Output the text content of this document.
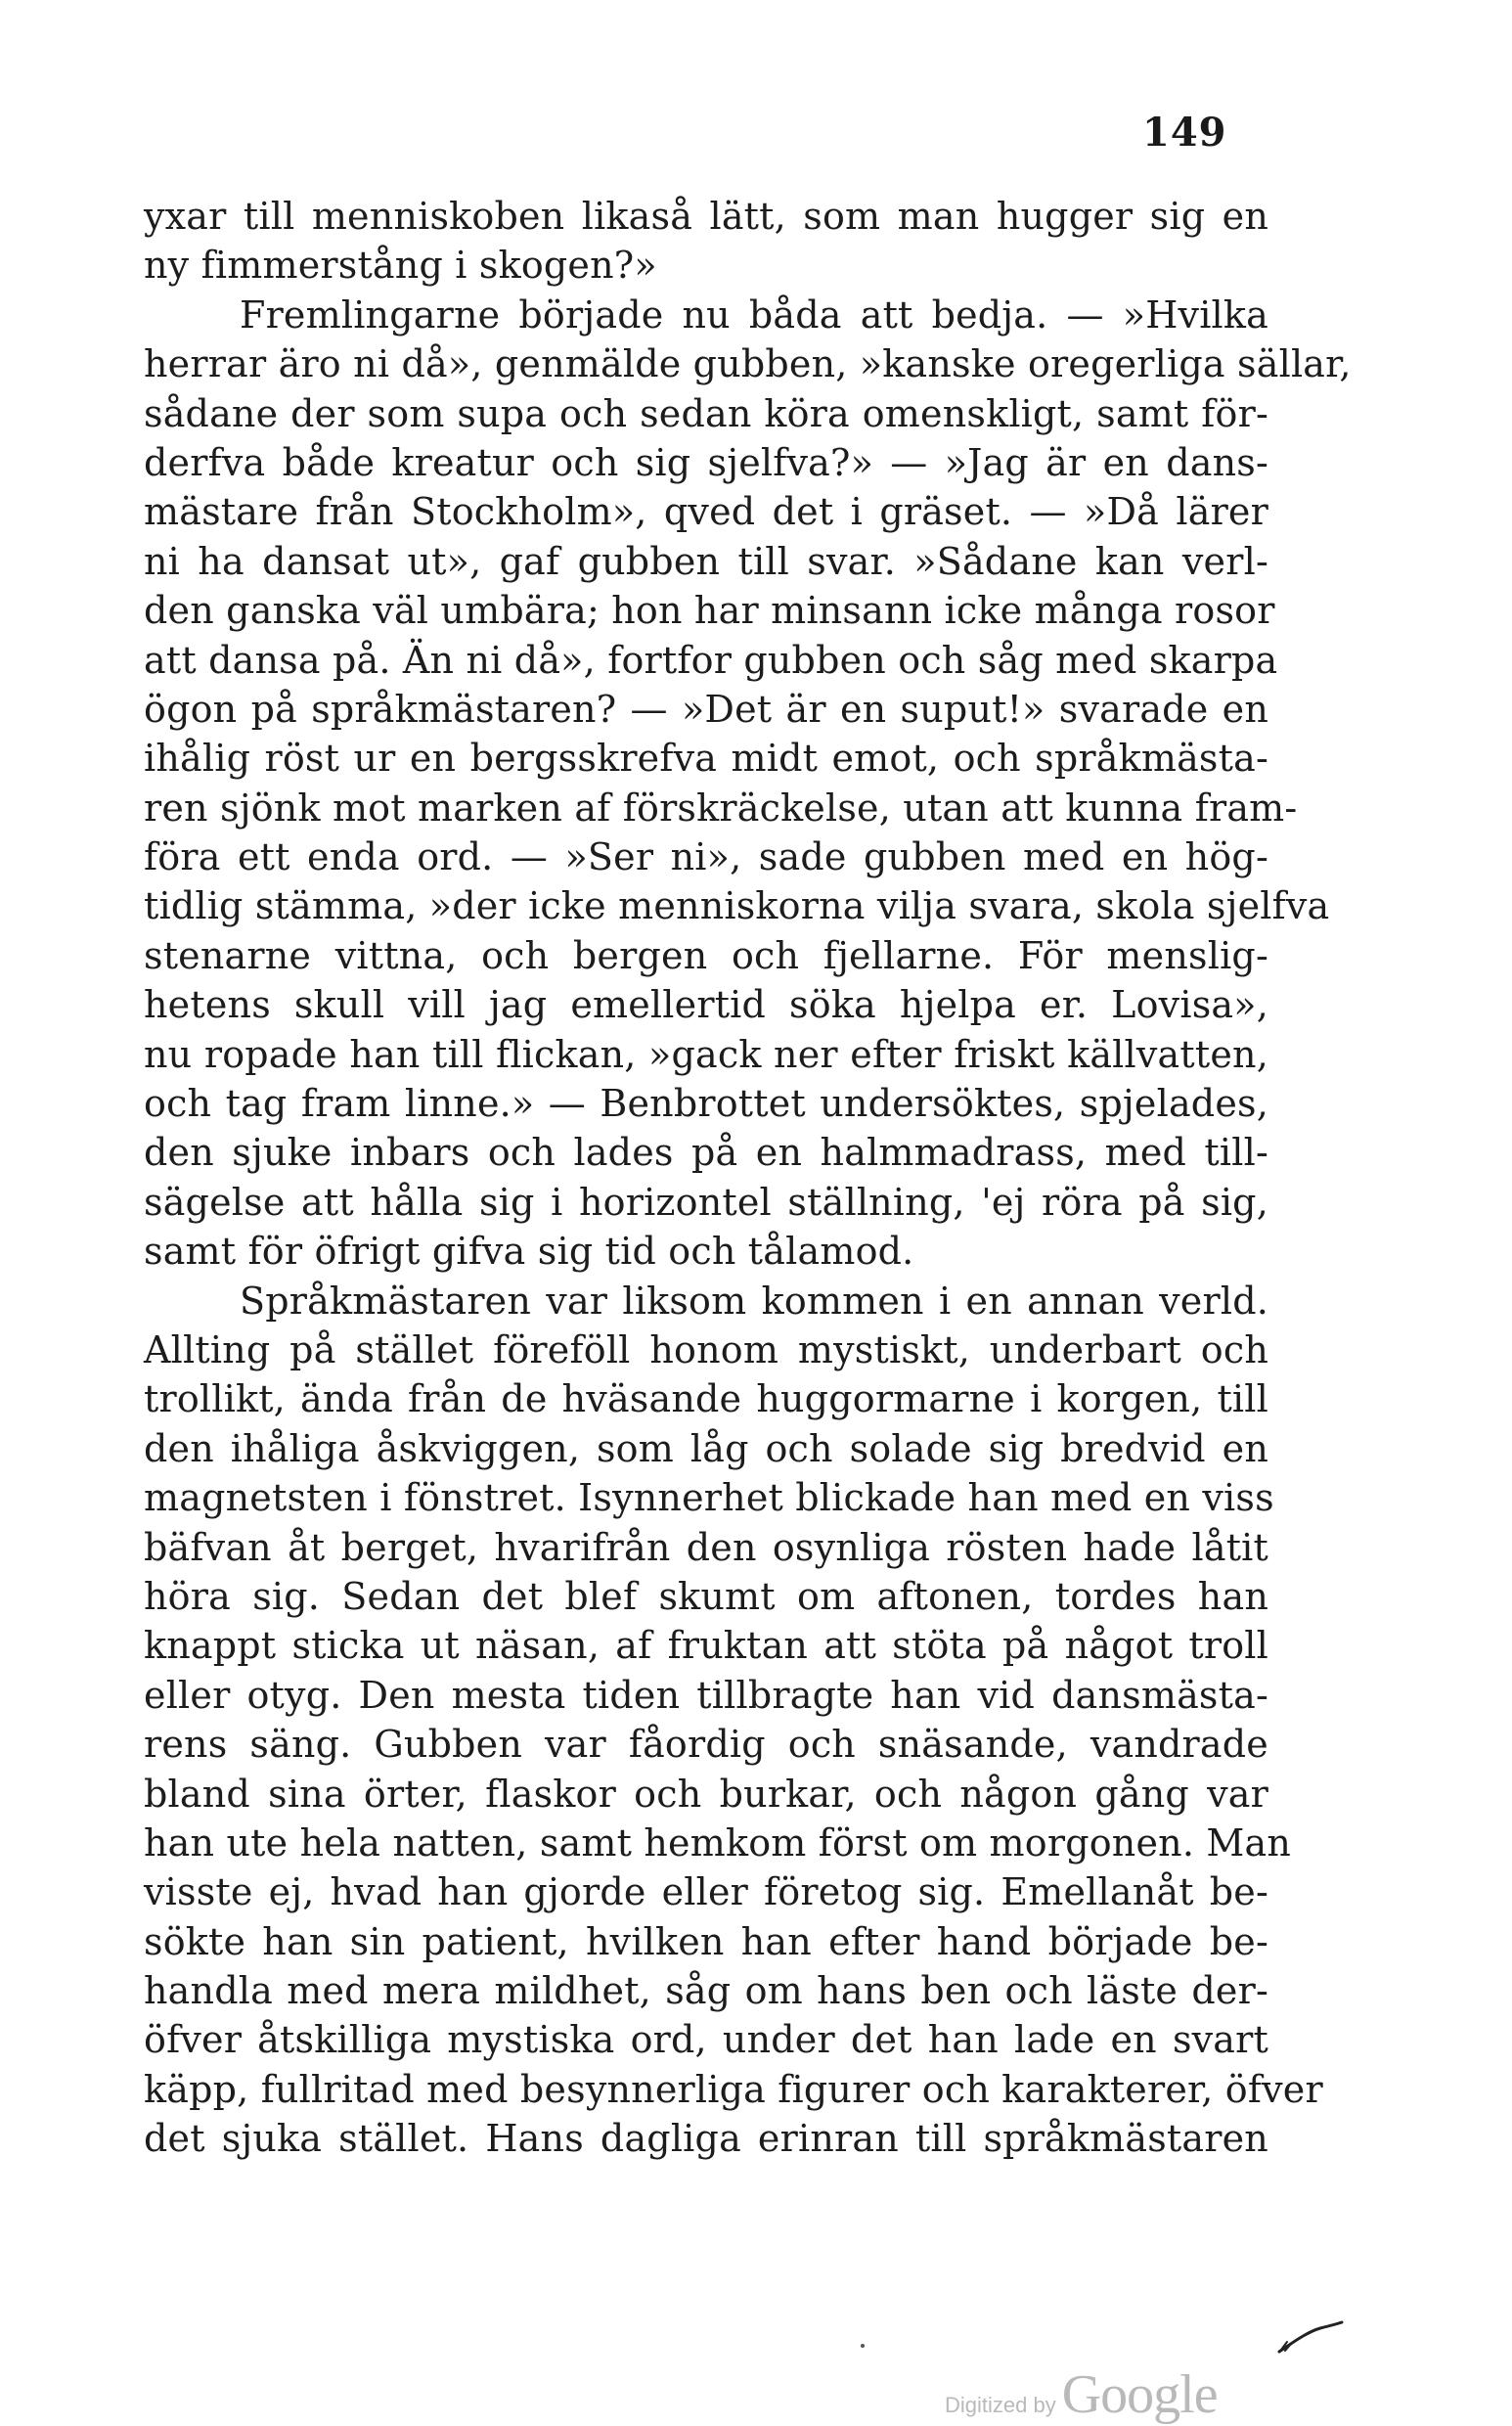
149
yxar till menniskoben likaså lätt, som man hugger sig en
ny fimmerstång i skogen?»
Fremlingarne började nu båda att bedja. — »Hvilka
herrar äro ni då», genmälde gubben, »kanske oregerliga sällar,
sådane der som supa och sedan köra omenskligt, samt för-
derfva både kreatur och sig sjelfva?» — »Jag är en dans-
mästare från Stockholm», qved det i gräset. — »Då lärer
ni ha dansat ut», gaf gubben till svar. »Sådane kan verl-
den ganska väl umbära; hon har minsann icke många rosor
att dansa på. Än ni då», fortfor gubben och såg med skarpa
ögon på språkmästaren? — »Det är en suput!» svarade en
ihålig röst ur en bergsskrefva midt emot, och språkmästa-
ren sjönk mot marken af förskräckelse, utan att kunna fram-
föra ett enda ord. — »Ser ni», sade gubben med en hög-
tidlig stämma, »der icke menniskorna vilja svara, skola sjelfva
stenarne vittna, och bergen och fjellarne. För menslig-
hetens skull vill jag emellertid söka hjelpa er. Lovisa»,
nu ropade han till flickan, »gack ner efter friskt källvatten,
och tag fram linne.» — Benbrottet undersöktes, spjelades,
den sjuke inbars och lades på en halmmadrass, med till-
sägelse att hålla sig i horizontel ställning, 'ej röra på sig,
samt för öfrigt gifva sig tid och tålamod.
Språkmästaren var liksom kommen i en annan verld.
Allting på stället föreföll honom mystiskt, underbart och
trollikt, ända från de hväsande huggormarne i korgen, till
den ihåliga åskviggen, som låg och solade sig bredvid en
magnetsten i fönstret. Isynnerhet blickade han med en viss
bäfvan åt berget, hvarifrån den osynliga rösten hade låtit
höra sig. Sedan det blef skumt om aftonen, tordes han
knappt sticka ut näsan, af fruktan att stöta på något troll
eller otyg. Den mesta tiden tillbragte han vid dansmästa-
rens säng. Gubben var fåordig och snäsande, vandrade
bland sina örter, flaskor och burkar, och någon gång var
han ute hela natten, samt hemkom först om morgonen. Man
visste ej, hvad han gjorde eller företog sig. Emellanåt be-
sökte han sin patient, hvilken han efter hand började be-
handla med mera mildhet, såg om hans ben och läste der-
öfver åtskilliga mystiska ord, under det han lade en svart
käpp, fullritad med besynnerliga figurer och karakterer, öfver
det sjuka stället. Hans dagliga erinran till språkmästaren
Digitized by Google
